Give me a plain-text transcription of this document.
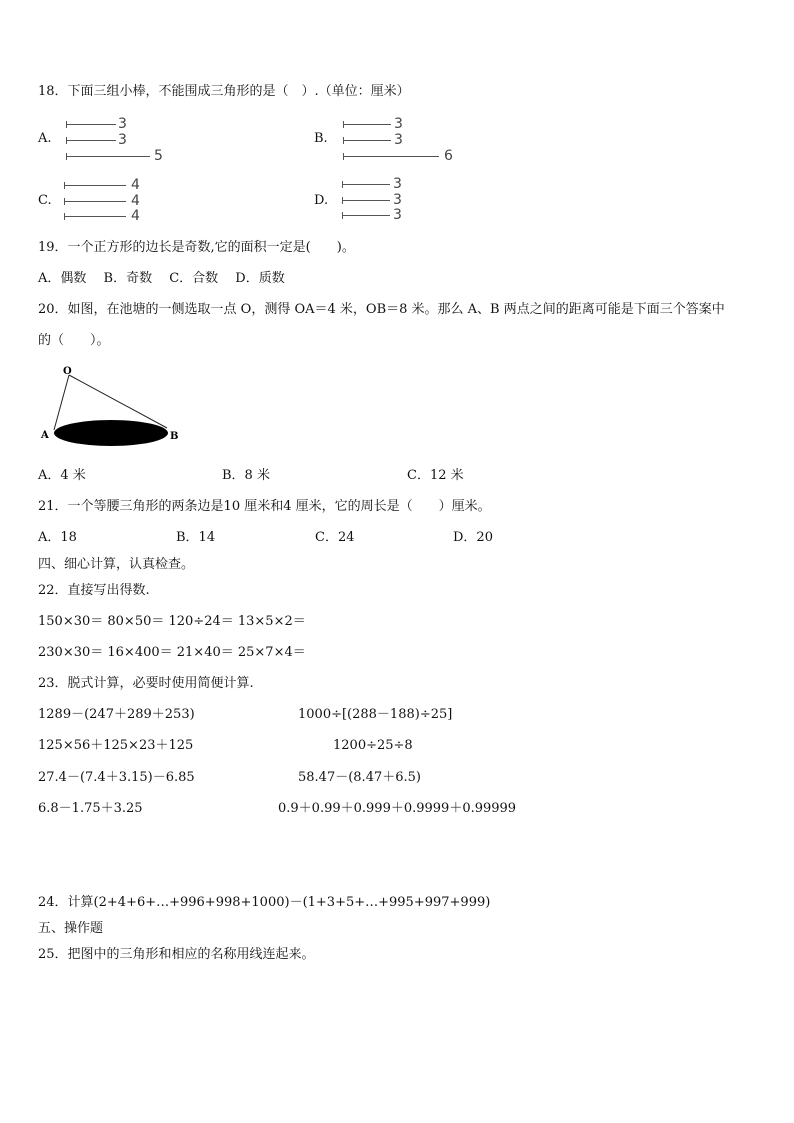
18．下面三组小棒，不能围成三角形的是（　）.（单位：厘米）
A.
3
3
5
B.
3
3
6
C.
4
4
4
D.
3
3
3
19．一个正方形的边长是奇数,它的面积一定是(　　)。
A．偶数　 B．奇数　 C．合数　 D．质数
20．如图，在池塘的一侧选取一点 O，测得 OA＝4 米，OB＝8 米。那么 A、B 两点之间的距离可能是下面三个答案中
的（　　）。
O
A	B
A．4 米	B．8 米	C．12 米
21．一个等腰三角形的两条边是10 厘米和4 厘米，它的周长是（　　）厘米。
A．18	B．14	C．24	D．20
四、细心计算，认真检查。
22．直接写出得数.
150×30＝ 80×50＝ 120÷24＝ 13×5×2＝
230×30＝ 16×400＝ 21×40＝ 25×7×4＝
23．脱式计算，必要时使用简便计算.
1289－(247＋289＋253)	1000÷[(288－188)÷25]
125×56＋125×23＋125	1200÷25÷8
27.4－(7.4＋3.15)－6.85	58.47－(8.47＋6.5)
6.8－1.75＋3.25	0.9＋0.99＋0.999＋0.9999＋0.99999
24．计算(2+4+6+…+996+998+1000)－(1+3+5+…+995+997+999)
五、操作题
25．把图中的三角形和相应的名称用线连起来。
